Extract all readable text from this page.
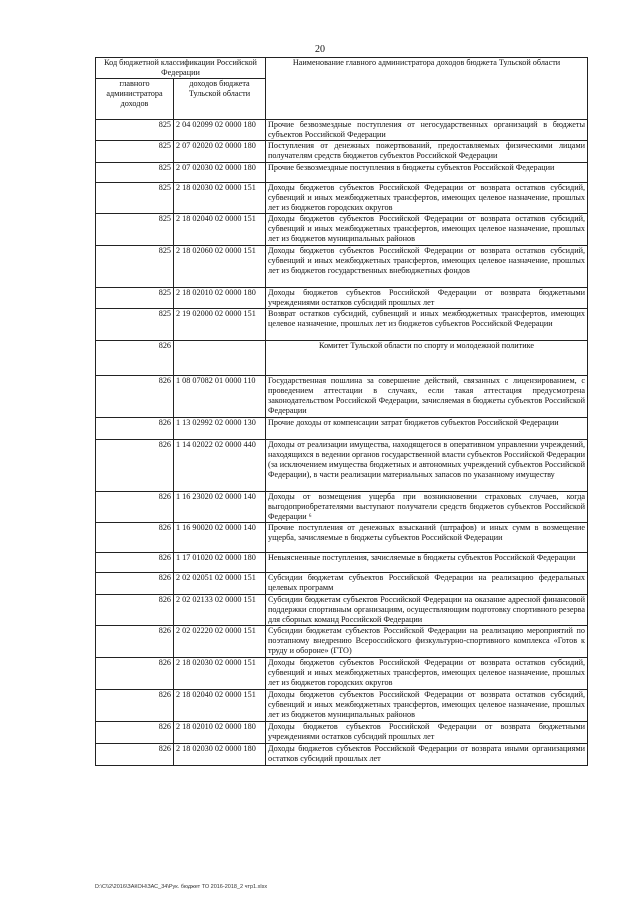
20
Код бюджетной классификации Российской Федерации		Наименование главного администратора доходов бюджета Тульской области
главного администратора доходов	доходов бюджета Тульской области	
825	2 04 02099 02 0000 180	Прочие безвозмездные поступления от негосударственных организаций в бюджеты субъектов Российской Федерации
825	2 07 02020 02 0000 180	Поступления от денежных пожертвований, предоставляемых физическими лицами получателям средств бюджетов субъектов Российской Федерации
825	2 07 02030 02 0000 180	Прочие безвозмездные поступления в бюджеты субъектов Российской Федерации
825	2 18 02030 02 0000 151	Доходы бюджетов субъектов Российской Федерации от возврата остатков субсидий, субвенций и иных межбюджетных трансфертов, имеющих целевое назначение, прошлых лет из бюджетов городских округов
825	2 18 02040 02 0000 151	Доходы бюджетов субъектов Российской Федерации от возврата остатков субсидий, субвенций и иных межбюджетных трансфертов, имеющих целевое назначение, прошлых лет из бюджетов муниципальных районов
825	2 18 02060 02 0000 151	Доходы бюджетов субъектов Российской Федерации от возврата остатков субсидий, субвенций и иных межбюджетных трансфертов, имеющих целевое назначение, прошлых лет из бюджетов государственных внебюджетных фондов
825	2 18 02010 02 0000 180	Доходы бюджетов субъектов Российской Федерации от возврата бюджетными учреждениями остатков субсидий прошлых лет
825	2 19 02000 02 0000 151	Возврат остатков субсидий, субвенций и иных межбюджетных трансфертов, имеющих целевое назначение, прошлых лет из бюджетов субъектов Российской Федерации
826		Комитет Тульской области по спорту и молодежной политике
826	1 08 07082 01 0000 110	Государственная пошлина за совершение действий, связанных с лицензированием, с проведением аттестации в случаях, если такая аттестация предусмотрена законодательством Российской Федерации, зачисляемая в бюджеты субъектов Российской Федерации
826	1 13 02992 02 0000 130	Прочие доходы от компенсации затрат бюджетов субъектов Российской Федерации
826	1 14 02022 02 0000 440	Доходы от реализации имущества, находящегося в оперативном управлении учреждений, находящихся в ведении органов государственной власти субъектов Российской Федерации (за исключением имущества бюджетных и автономных учреждений субъектов Российской Федерации), в части реализации материальных запасов по указанному имуществу
826	1 16 23020 02 0000 140	Доходы от возмещения ущерба при возникновении страховых случаев, когда выгодоприобретателями выступают получатели средств бюджетов субъектов Российской Федерации ⁶
826	1 16 90020 02 0000 140	Прочие поступления от денежных взысканий (штрафов) и иных сумм в возмещение ущерба, зачисляемые в бюджеты субъектов Российской Федерации
826	1 17 01020 02 0000 180	Невыясненные поступления, зачисляемые в бюджеты субъектов Российской Федерации
826	2 02 02051 02 0000 151	Субсидии бюджетам субъектов Российской Федерации на реализацию федеральных целевых программ
826	2 02 02133 02 0000 151	Субсидии бюджетам субъектов Российской Федерации на оказание адресной финансовой поддержки спортивным организациям, осуществляющим подготовку спортивного резерва для сборных команд Российской Федерации
826	2 02 02220 02 0000 151	Субсидии бюджетам субъектов Российской Федерации на реализацию мероприятий по поэтапному внедрению Всероссийского физкультурно-спортивного комплекса «Готов к труду и обороне» (ГТО)
826	2 18 02030 02 0000 151	Доходы бюджетов субъектов Российской Федерации от возврата остатков субсидий, субвенций и иных межбюджетных трансфертов, имеющих целевое назначение, прошлых лет из бюджетов городских округов
826	2 18 02040 02 0000 151	Доходы бюджетов субъектов Российской Федерации от возврата остатков субсидий, субвенций и иных межбюджетных трансфертов, имеющих целевое назначение, прошлых лет из бюджетов муниципальных районов
826	2 18 02010 02 0000 180	Доходы бюджетов субъектов Российской Федерации от возврата бюджетными учреждениями остатков субсидий прошлых лет
826	2 18 02030 02 0000 180	Доходы бюджетов субъектов Российской Федерации от возврата иными организациями остатков субсидий прошлых лет
D:\C\\2\2016\ЗАКОН\ЗАС_34\Рук. бюджет ТО 2016-2018_2 чтр1.xlsx
